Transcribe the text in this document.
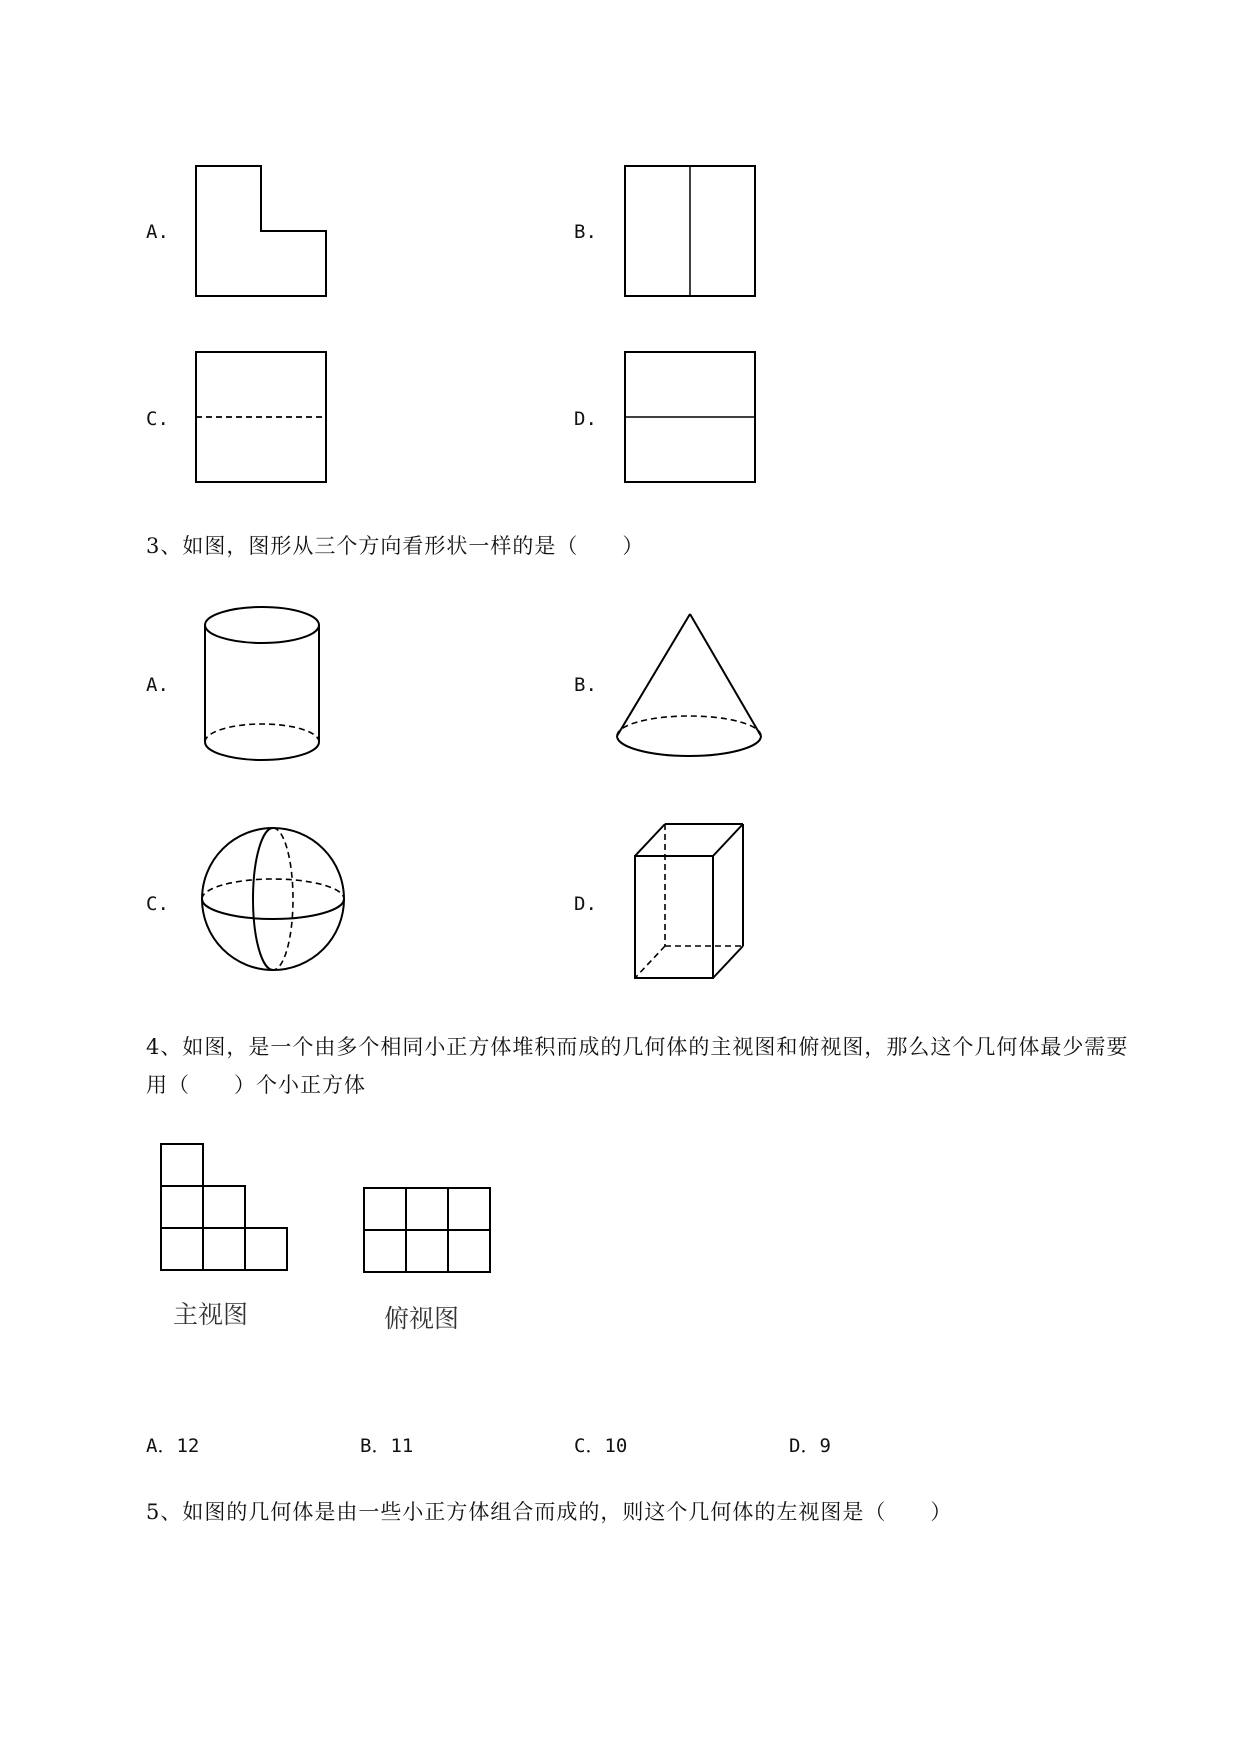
A.	B.
C.	D.
3、如图，图形从三个方向看形状一样的是（　　）
A.	B.
C.	D.
4、如图，是一个由多个相同小正方体堆积而成的几何体的主视图和俯视图，那么这个几何体最少需要
用（　　）个小正方体
主视图	俯视图
A．12	B．11	C．10	D．9
5、如图的几何体是由一些小正方体组合而成的，则这个几何体的左视图是（　　）
